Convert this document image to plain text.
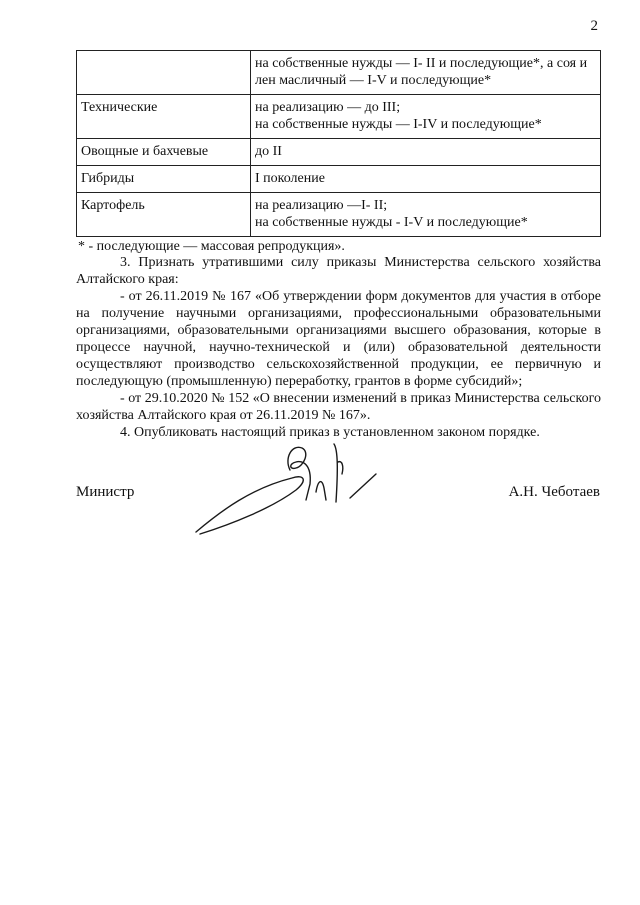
2

	на собственные нужды — I- II и последующие*, а соя и
лен масличный — I-V и последующие*

Технические	на реализацию — до III;
на собственные нужды — I-IV и последующие*

Овощные и бахчевые	до II

Гибриды	I поколение

Картофель	на реализацию —I- II;
на собственные нужды - I-V и последующие*
* - последующие — массовая репродукция».

3. Признать утратившими силу приказы Министерства сельского хозяйства Алтайского края:

- от 26.11.2019 № 167 «Об утверждении форм документов для участия в отборе на получение научными организациями, профессиональными образовательными организациями, образовательными организациями высшего образования, которые в процессе научной, научно-технической и (или) образовательной деятельности осуществляют производство сельскохозяйственной продукции, ее первичную и последующую (промышленную) переработку, грантов в форме субсидий»;

- от 29.10.2020 № 152 «О внесении изменений в приказ Министерства сельского хозяйства Алтайского края от 26.11.2019 № 167».

4. Опубликовать настоящий приказ в установленном законом порядке.

Министр	А.Н. Чеботаев
